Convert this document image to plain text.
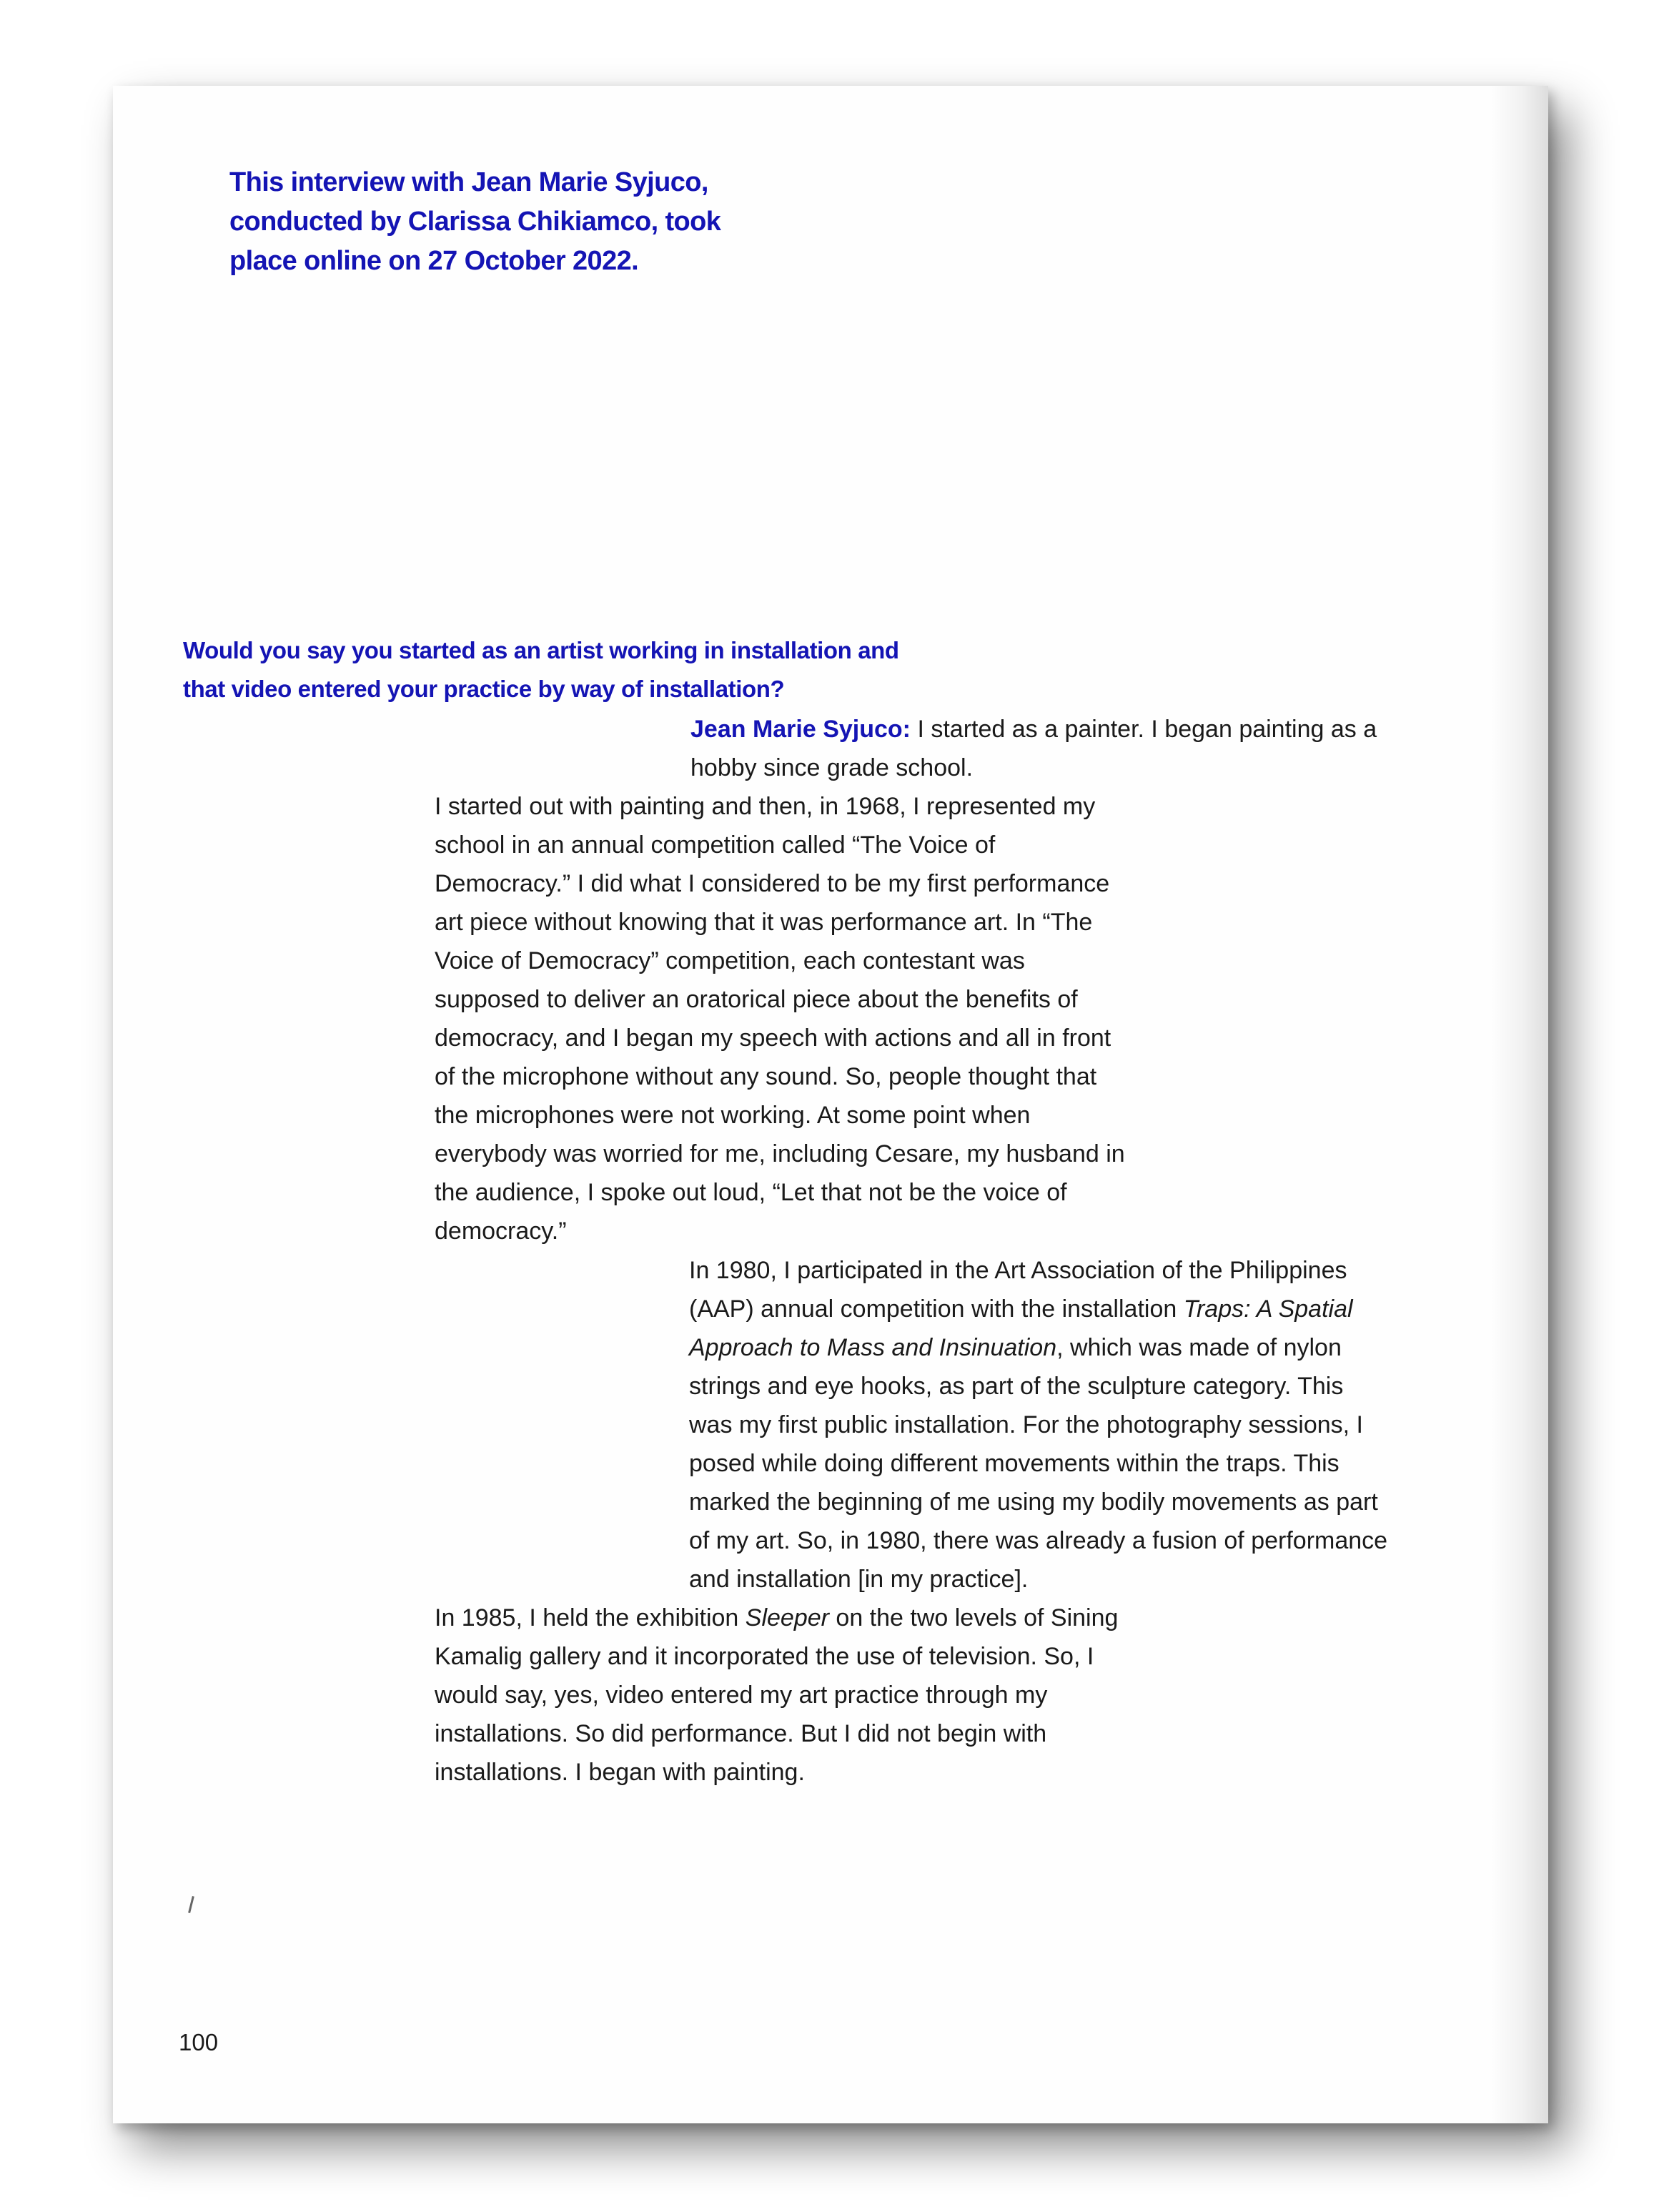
This interview with Jean Marie Syjuco,
conducted by Clarissa Chikiamco, took
place online on 27 October 2022.
Would you say you started as an artist working in installation and
that video entered your practice by way of installation?
Jean Marie Syjuco: I started as a painter. I began painting as a
hobby since grade school.
I started out with painting and then, in 1968, I represented my
school in an annual competition called “The Voice of
Democracy.” I did what I considered to be my first performance
art piece without knowing that it was performance art. In “The
Voice of Democracy” competition, each contestant was
supposed to deliver an oratorical piece about the benefits of
democracy, and I began my speech with actions and all in front
of the microphone without any sound. So, people thought that
the microphones were not working. At some point when
everybody was worried for me, including Cesare, my husband in
the audience, I spoke out loud, “Let that not be the voice of
democracy.”
In 1980, I participated in the Art Association of the Philippines
(AAP) annual competition with the installation Traps: A Spatial
Approach to Mass and Insinuation, which was made of nylon
strings and eye hooks, as part of the sculpture category. This
was my first public installation. For the photography sessions, I
posed while doing different movements within the traps. This
marked the beginning of me using my bodily movements as part
of my art. So, in 1980, there was already a fusion of performance
and installation [in my practice].
In 1985, I held the exhibition Sleeper on the two levels of Sining
Kamalig gallery and it incorporated the use of television. So, I
would say, yes, video entered my art practice through my
installations. So did performance. But I did not begin with
installations. I began with painting.
100
